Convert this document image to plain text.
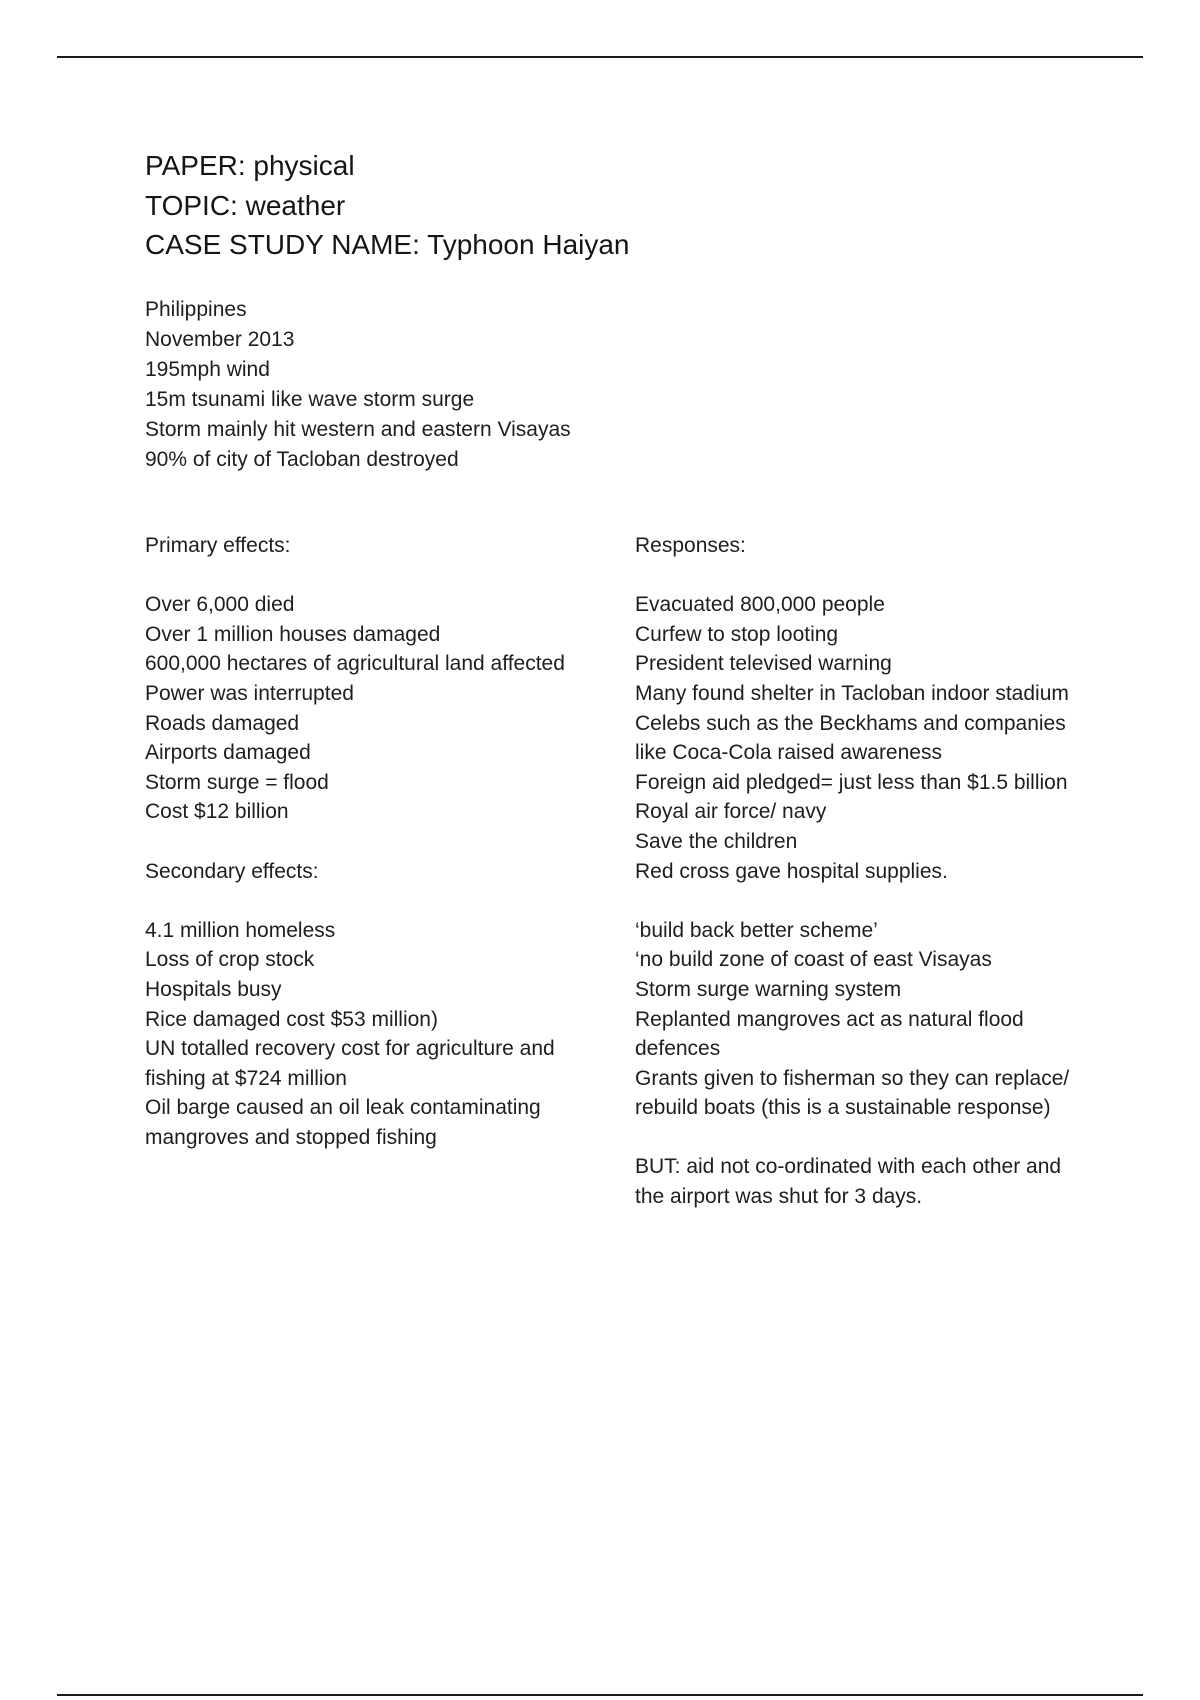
PAPER: physical
TOPIC: weather
CASE STUDY NAME: Typhoon Haiyan
Philippines
November 2013
195mph wind
15m tsunami like wave storm surge
Storm mainly hit western and eastern Visayas
90% of city of Tacloban destroyed
Primary effects:
Over 6,000 died
Over 1 million houses damaged
600,000 hectares of agricultural land affected
Power was interrupted
Roads damaged
Airports damaged
Storm surge = flood
Cost $12 billion
Secondary effects:
4.1 million homeless
Loss of crop stock
Hospitals busy
Rice damaged cost $53 million)
UN totalled recovery cost for agriculture and fishing at $724 million
Oil barge caused an oil leak contaminating mangroves and stopped fishing
Responses:
Evacuated 800,000 people
Curfew to stop looting
President televised warning
Many found shelter in Tacloban indoor stadium
Celebs such as the Beckhams and companies like Coca-Cola raised awareness
Foreign aid pledged= just less than $1.5 billion
Royal air force/ navy
Save the children
Red cross gave hospital supplies.
‘build back better scheme’
‘no build zone of coast of east Visayas
Storm surge warning system
Replanted mangroves act as natural flood defences
Grants given to fisherman so they can replace/ rebuild boats (this is a sustainable response)
BUT: aid not co-ordinated with each other and the airport was shut for 3 days.
